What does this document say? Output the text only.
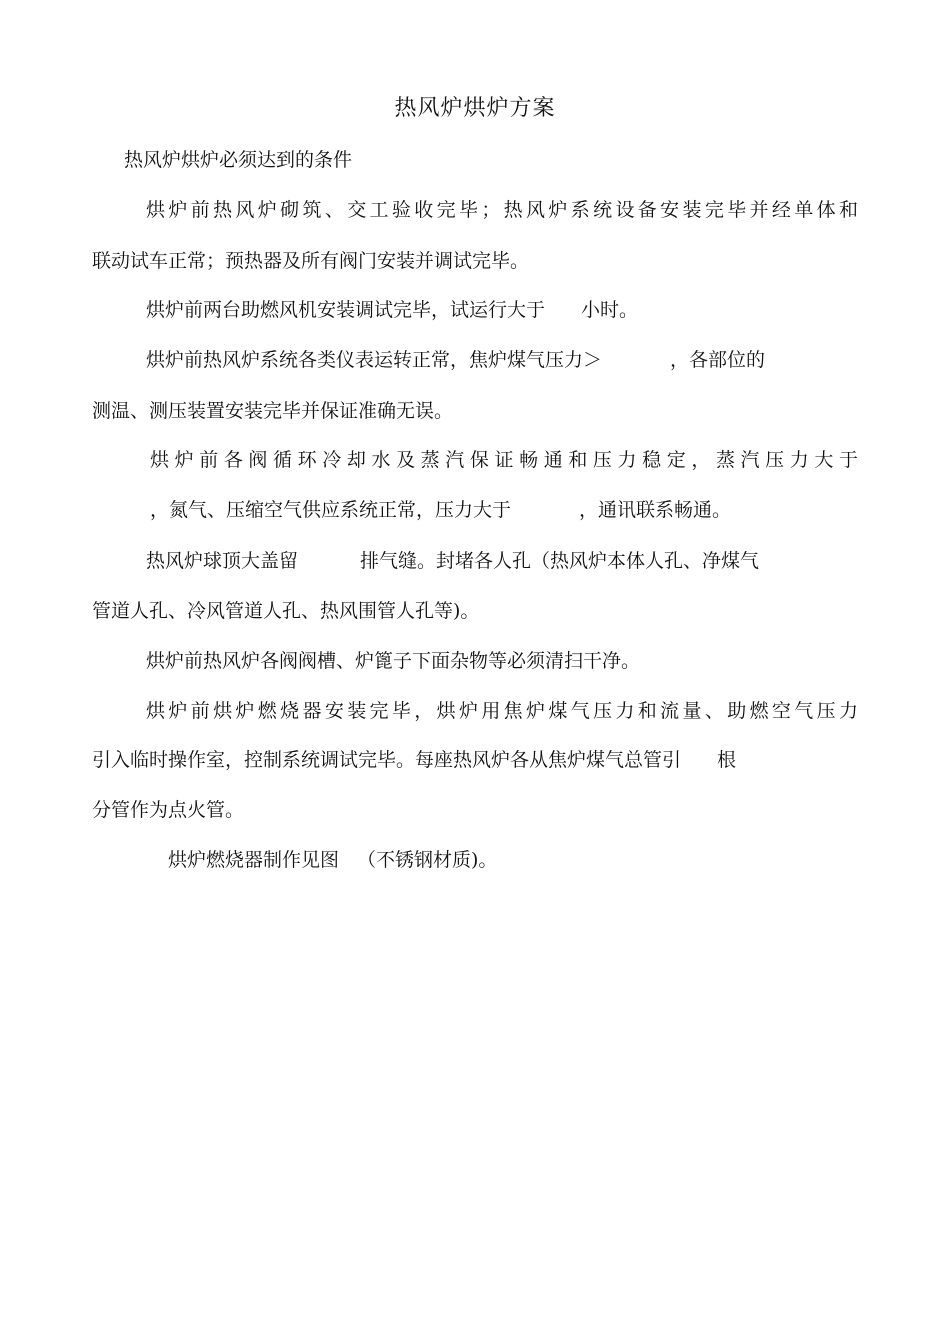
热风炉烘炉方案
热风炉烘炉必须达到的条件
烘炉前热风炉砌筑、交工验收完毕；热风炉系统设备安装完毕并经单体和
联动试车正常；预热器及所有阀门安装并调试完毕。
烘炉前两台助燃风机安装调试完毕，试运行大于 小时。
烘炉前热风炉系统各类仪表运转正常，焦炉煤气压力＞	，各部位的
测温、测压装置安装完毕并保证准确无误。
烘炉前各阀循环冷却水及蒸汽保证畅通和压力稳定，蒸汽压力大于
，氮气、压缩空气供应系统正常，压力大于	，通讯联系畅通。
热风炉球顶大盖留	排气缝。封堵各人孔（热风炉本体人孔、净煤气
管道人孔、冷风管道人孔、热风围管人孔等)。
烘炉前热风炉各阀阀槽、炉篦子下面杂物等必须清扫干净。
烘炉前烘炉燃烧器安装完毕，烘炉用焦炉煤气压力和流量、助燃空气压力
引入临时操作室，控制系统调试完毕。每座热风炉各从焦炉煤气总管引 根
分管作为点火管。
烘炉燃烧器制作见图 （不锈钢材质)。
